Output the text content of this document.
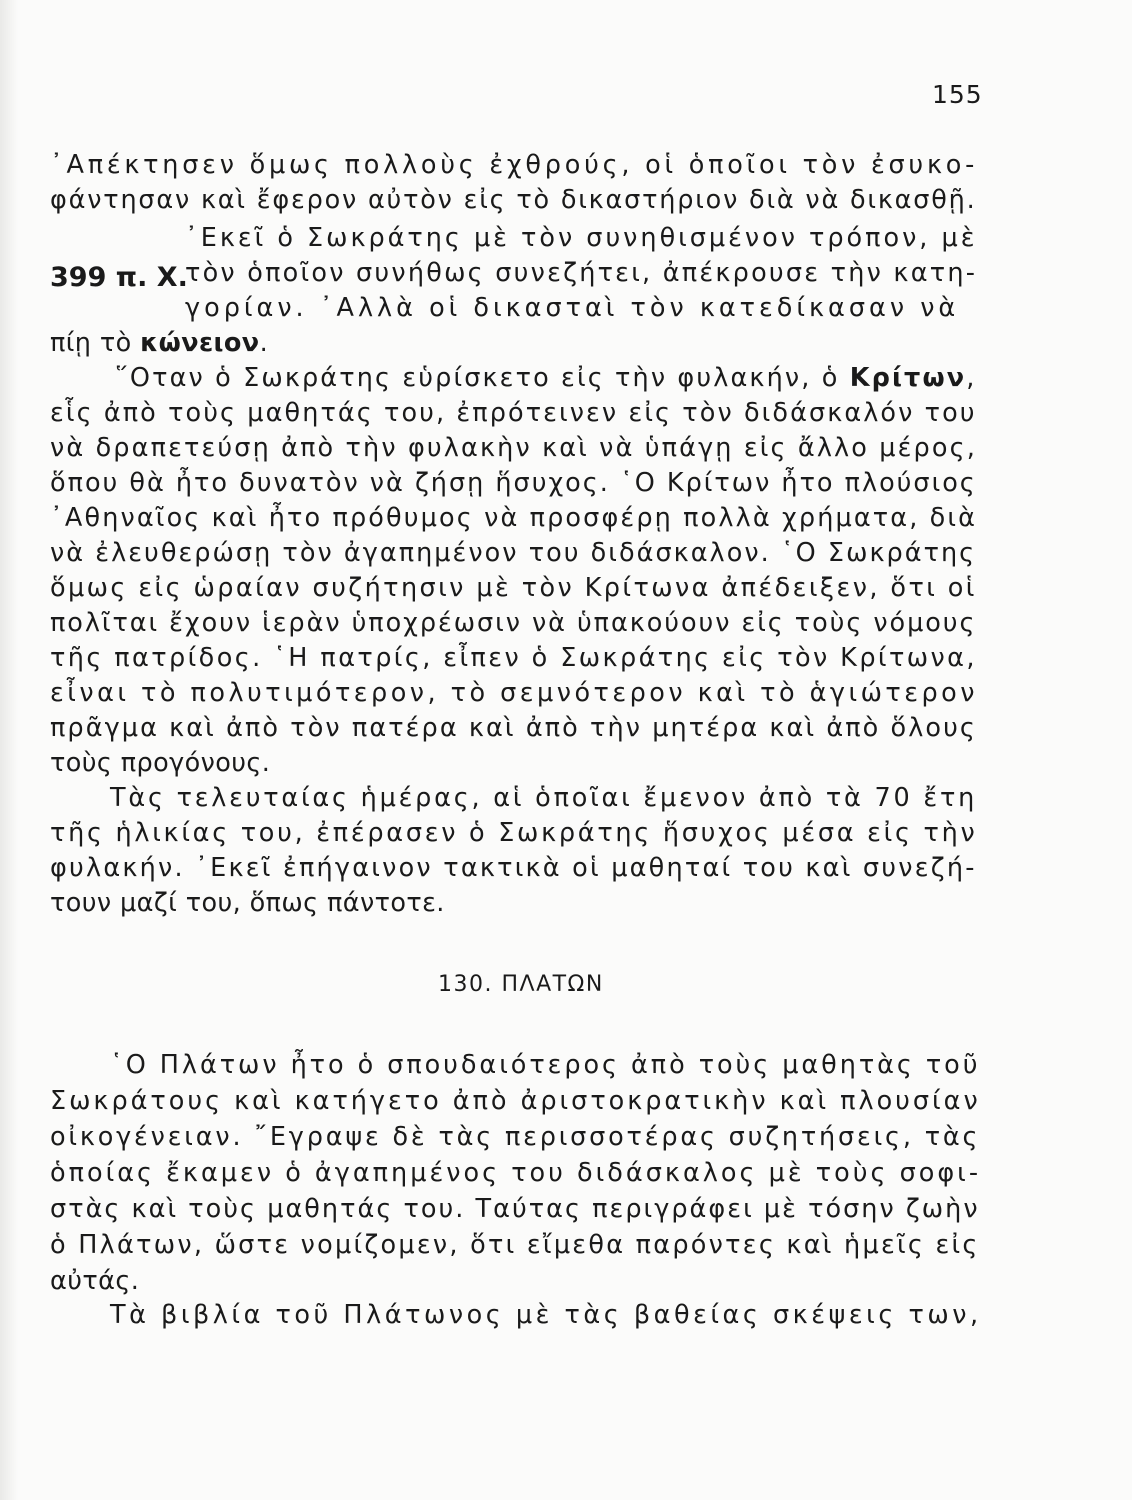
155
399 π. Χ.
᾿Απέκτησεν ὅμως πολλοὺς ἐχθρούς, οἱ ὁποῖοι τὸν ἐσυκο-
φάντησαν καὶ ἔφερον αὐτὸν εἰς τὸ δικαστήριον διὰ νὰ δικασθῇ.
᾿Εκεῖ ὁ Σωκράτης μὲ τὸν συνηθισμένον τρόπον, μὲ
τὸν ὁποῖον συνήθως συνεζήτει, ἀπέκρουσε τὴν κατη-
γορίαν. ᾿Αλλὰ οἱ δικασταὶ τὸν κατεδίκασαν νὰ
πίῃ τὸ κώνειον.
῞Οταν ὁ Σωκράτης εὑρίσκετο εἰς τὴν φυλακήν, ὁ Κρίτων,
εἷς ἀπὸ τοὺς μαθητάς του, ἐπρότεινεν εἰς τὸν διδάσκαλόν του
νὰ δραπετεύσῃ ἀπὸ τὴν φυλακὴν καὶ νὰ ὑπάγῃ εἰς ἄλλο μέρος,
ὅπου θὰ ἦτο δυνατὸν νὰ ζήσῃ ἥσυχος. ῾Ο Κρίτων ἦτο πλούσιος
᾿Αθηναῖος καὶ ἦτο πρόθυμος νὰ προσφέρῃ πολλὰ χρήματα, διὰ
νὰ ἐλευθερώσῃ τὸν ἀγαπημένον του διδάσκαλον. ῾Ο Σωκράτης
ὅμως εἰς ὡραίαν συζήτησιν μὲ τὸν Κρίτωνα ἀπέδειξεν, ὅτι οἱ
πολῖται ἔχουν ἱερὰν ὑποχρέωσιν νὰ ὑπακούουν εἰς τοὺς νόμους
τῆς πατρίδος. ῾Η πατρίς, εἶπεν ὁ Σωκράτης εἰς τὸν Κρίτωνα,
εἶναι τὸ πολυτιμότερον, τὸ σεμνότερον καὶ τὸ ἁγιώτερον
πρᾶγμα καὶ ἀπὸ τὸν πατέρα καὶ ἀπὸ τὴν μητέρα καὶ ἀπὸ ὅλους
τοὺς προγόνους.
Τὰς τελευταίας ἡμέρας, αἱ ὁποῖαι ἔμενον ἀπὸ τὰ 70 ἔτη
τῆς ἡλικίας του, ἐπέρασεν ὁ Σωκράτης ἥσυχος μέσα εἰς τὴν
φυλακήν. ᾿Εκεῖ ἐπήγαινον τακτικὰ οἱ μαθηταί του καὶ συνεζή-
τουν μαζί του, ὅπως πάντοτε.
130. ΠΛΑΤΩΝ
῾Ο Πλάτων ἦτο ὁ σπουδαιότερος ἀπὸ τοὺς μαθητὰς τοῦ
Σωκράτους καὶ κατήγετο ἀπὸ ἀριστοκρατικὴν καὶ πλουσίαν
οἰκογένειαν. ῎Εγραψε δὲ τὰς περισσοτέρας συζητήσεις, τὰς
ὁποίας ἔκαμεν ὁ ἀγαπημένος του διδάσκαλος μὲ τοὺς σοφι-
στὰς καὶ τοὺς μαθητάς του. Ταύτας περιγράφει μὲ τόσην ζωὴν
ὁ Πλάτων, ὥστε νομίζομεν, ὅτι εἴμεθα παρόντες καὶ ἡμεῖς εἰς
αὐτάς.
Τὰ βιβλία τοῦ Πλάτωνος μὲ τὰς βαθείας σκέψεις των,
